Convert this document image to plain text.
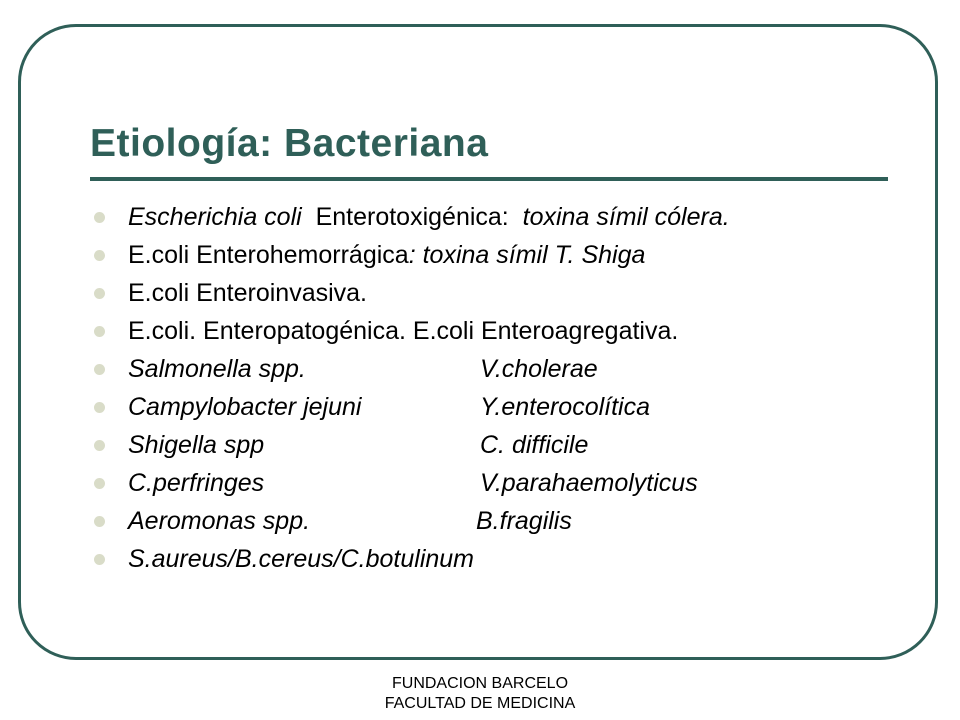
Etiología: Bacteriana
Escherichia coli  Enterotoxigénica:  toxina símil cólera.
E.coli Enterohemorrágica: toxina símil T. Shiga
E.coli Enteroinvasiva.
E.coli. Enteropatogénica. E.coli Enteroagregativa.
Salmonella spp.	V.cholerae
Campylobacter jejuni	Y.enterocolítica
Shigella spp	C. difficile
C.perfringes	V.parahaemolyticus
Aeromonas spp.	B.fragilis
S.aureus/B.cereus/C.botulinum
FUNDACION BARCELO
FACULTAD DE MEDICINA
